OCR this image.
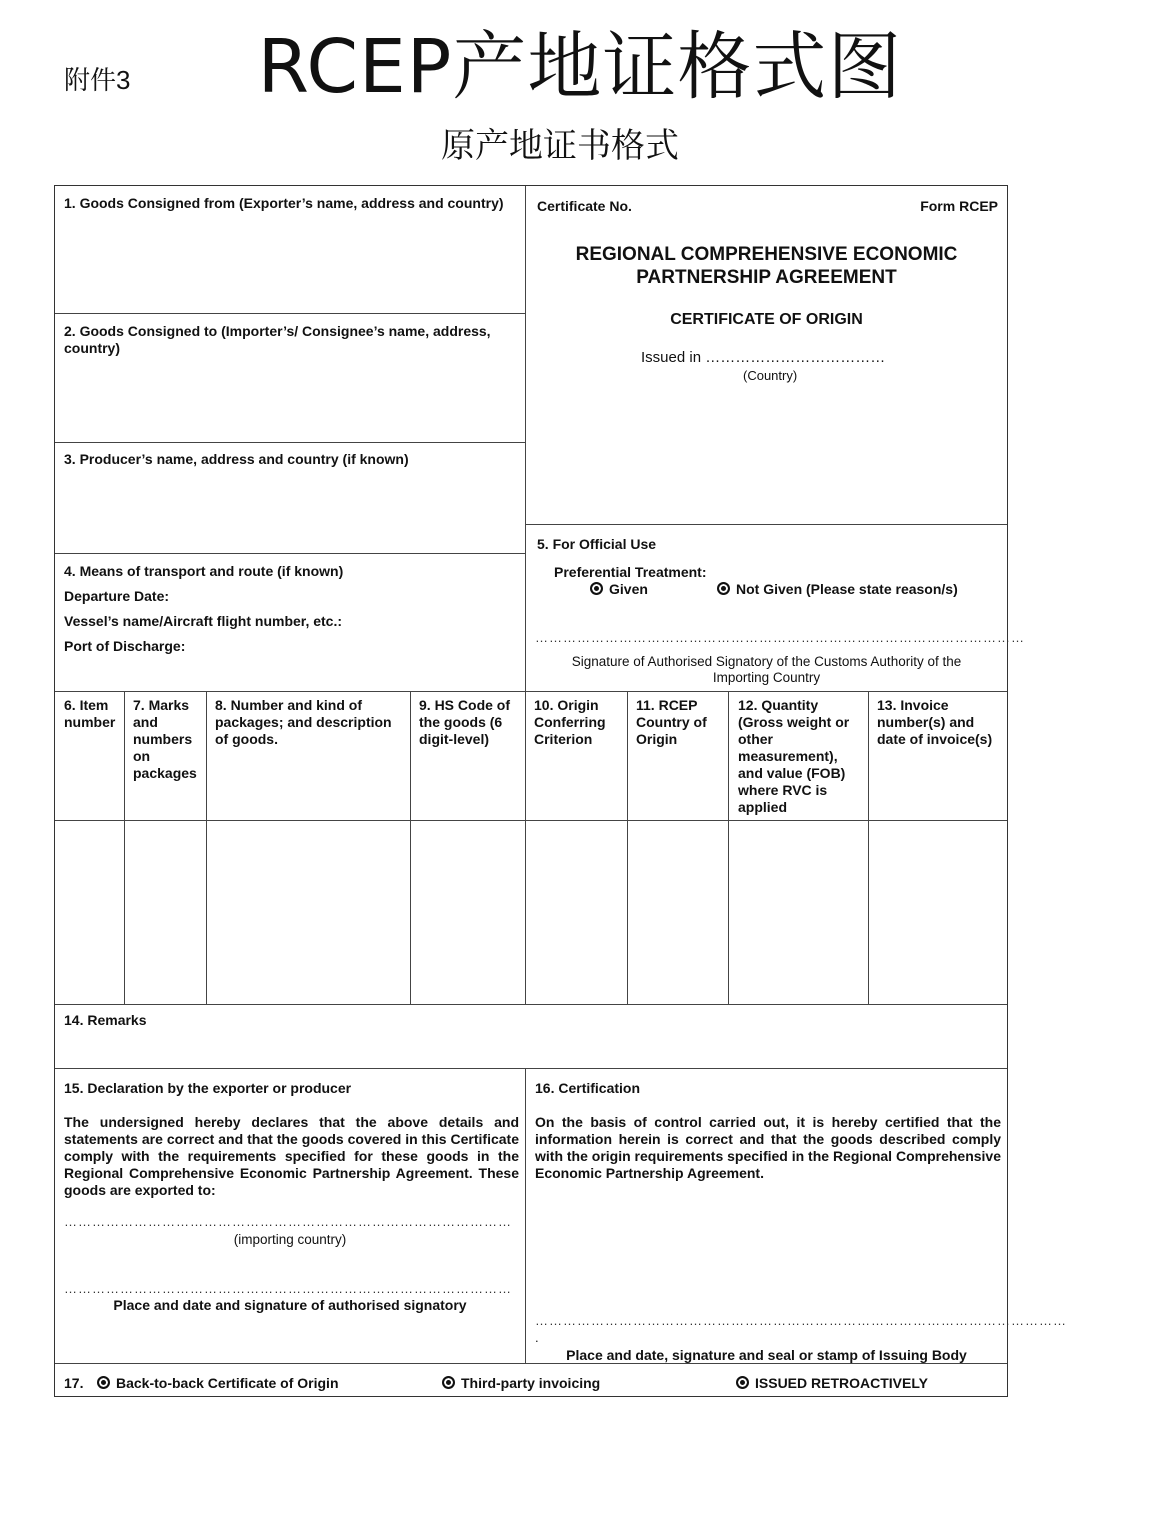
附件3	RCEP产地证格式图
原产地证书格式
1. Goods Consigned from (Exporter’s name, address and country)
2. Goods Consigned to (Importer’s/ Consignee’s name, address, country)
3. Producer’s name, address and country (if known)
4. Means of transport and route (if known)
Departure Date:
Vessel’s name/Aircraft flight number, etc.:
Port of Discharge:
Certificate No.	Form RCEP
REGIONAL COMPREHENSIVE ECONOMIC
PARTNERSHIP AGREEMENT
CERTIFICATE OF ORIGIN
Issued in ………………………………
(Country)
5. For Official Use
Preferential Treatment:
Given	Not Given (Please state reason/s)
……………………………………………………………………………………………
Signature of Authorised Signatory of the Customs Authority of the
Importing Country
6. Item number
7. Marks and numbers on packages
8. Number and kind of packages; and description of goods.
9. HS Code of the goods (6 digit-level)
10. Origin Conferring Criterion
11. RCEP Country of Origin
12. Quantity (Gross weight or other measurement), and value (FOB) where RVC is applied
13. Invoice number(s) and date of invoice(s)
14. Remarks
15. Declaration by the exporter or producer
The undersigned hereby declares that the above details and statements are correct and that the goods covered in this Certificate comply with the requirements specified for these goods in the Regional Comprehensive Economic Partnership Agreement. These goods are exported to:
……………………………………………………………………………………
(importing country)
……………………………………………………………………………………
Place and date and signature of authorised signatory
16. Certification
On the basis of control carried out, it is hereby certified that the information herein is correct and that the goods described comply with the origin requirements specified in the Regional Comprehensive Economic Partnership Agreement.
……………………………………………………………………………………………………
.
Place and date, signature and seal or stamp of Issuing Body
17.	Back-to-back Certificate of Origin	Third-party invoicing	ISSUED RETROACTIVELY
